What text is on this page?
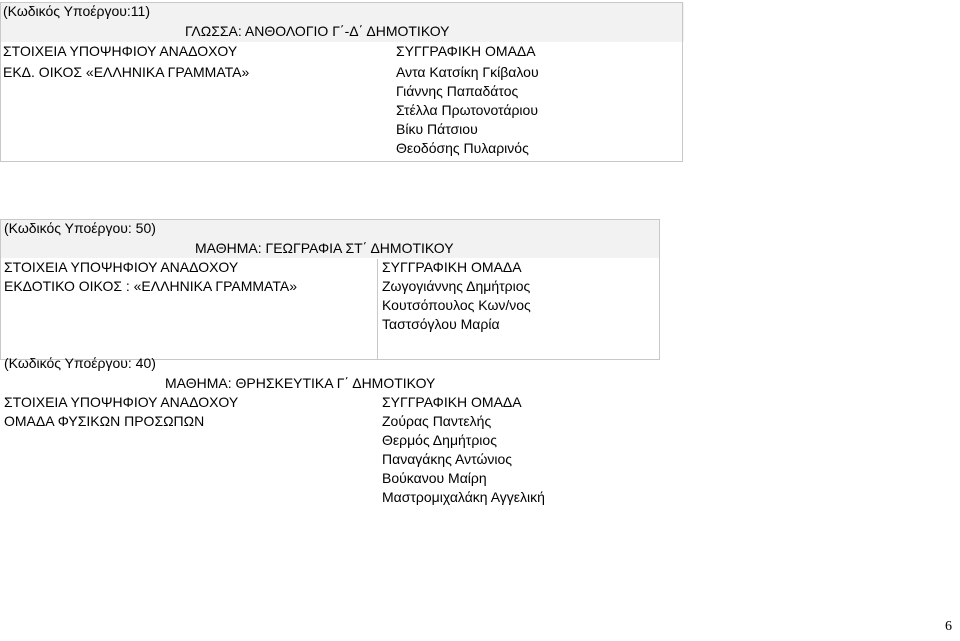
(Κωδικός Υποέργου:11)
ΓΛΩΣΣΑ: ΑΝΘΟΛΟΓΙΟ Γ΄-Δ΄ ΔΗΜΟΤΙΚΟΥ
ΣΤΟΙΧΕΙΑ ΥΠΟΨΗΦΙΟΥ ΑΝΑΔΟΧΟΥ	ΣΥΓΓΡΑΦΙΚΗ ΟΜΑΔΑ
ΕΚΔ. ΟΙΚΟΣ «ΕΛΛΗΝΙΚΑ ΓΡΑΜΜΑΤΑ»	Αντα Κατσίκη Γκίβαλου
Γιάννης Παπαδάτος
Στέλλα Πρωτονοτάριου
Βίκυ Πάτσιου
Θεοδόσης Πυλαρινός
(Κωδικός Υποέργου: 50)
ΜΑΘΗΜΑ: ΓΕΩΓΡΑΦΙΑ ΣΤ΄ ΔΗΜΟΤΙΚΟΥ
ΣΤΟΙΧΕΙΑ ΥΠΟΨΗΦΙΟΥ ΑΝΑΔΟΧΟΥ	ΣΥΓΓΡΑΦΙΚΗ ΟΜΑΔΑ
ΕΚΔΟΤΙΚΟ ΟΙΚΟΣ : «ΕΛΛΗΝΙΚΑ ΓΡΑΜΜΑΤΑ»	Ζωγογιάννης Δημήτριος
Κουτσόπουλος Κων/νος
Ταστσόγλου Μαρία
(Κωδικός Υποέργου: 40)
ΜΑΘΗΜΑ: ΘΡΗΣΚΕΥΤΙΚΑ Γ΄ ΔΗΜΟΤΙΚΟΥ
ΣΤΟΙΧΕΙΑ ΥΠΟΨΗΦΙΟΥ ΑΝΑΔΟΧΟΥ	ΣΥΓΓΡΑΦΙΚΗ ΟΜΑΔΑ
ΟΜΑΔΑ ΦΥΣΙΚΩΝ ΠΡΟΣΩΠΩΝ	Ζούρας Παντελής
Θερμός Δημήτριος
Παναγάκης Αντώνιος
Βούκανου Μαίρη
Μαστρομιχαλάκη Αγγελική
6
